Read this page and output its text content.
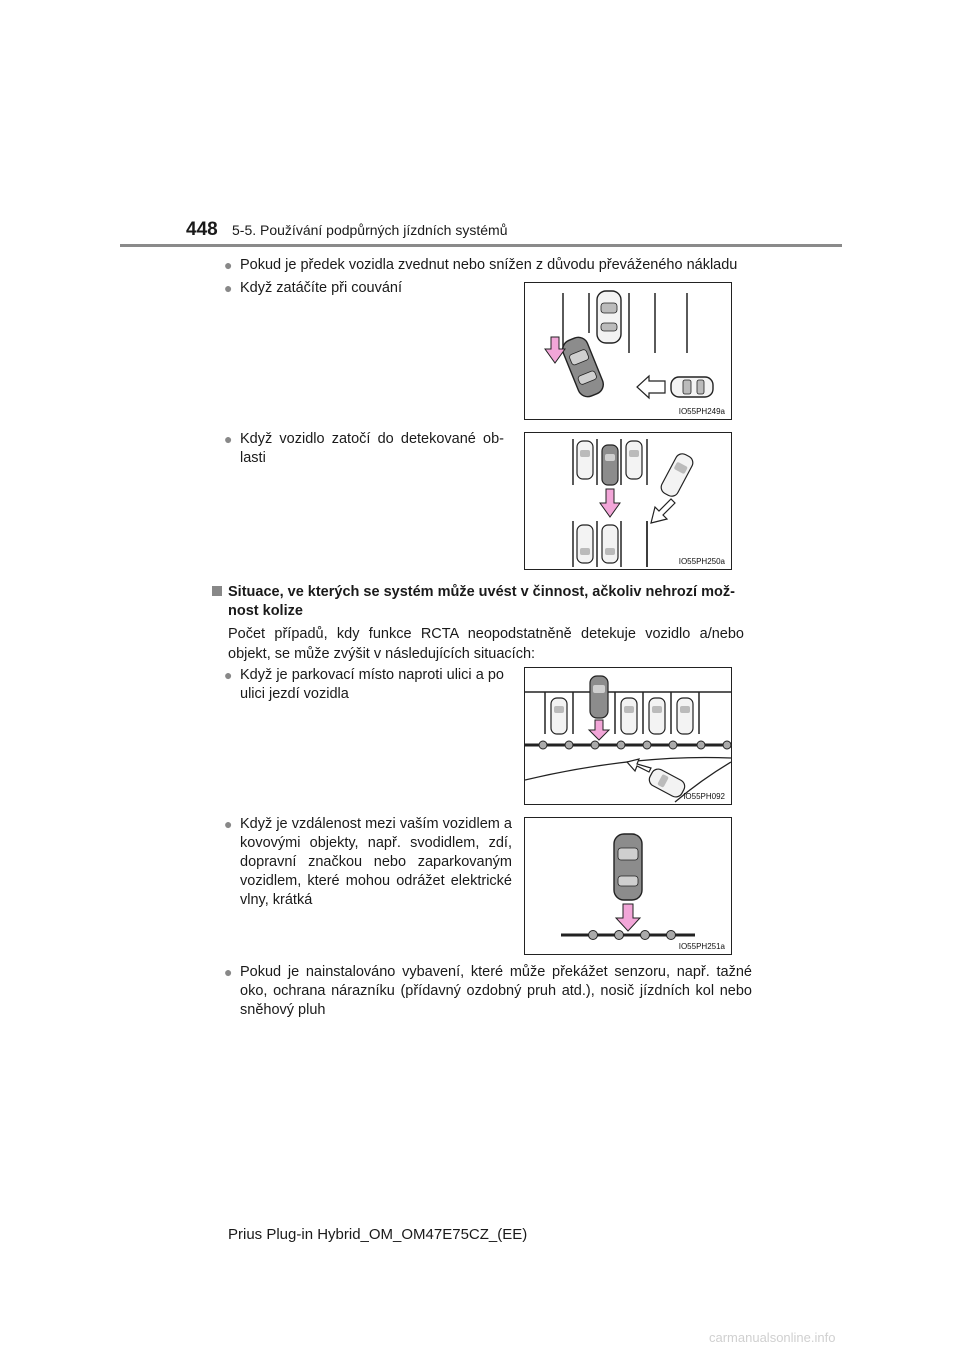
448 5-5. Používání podpůrných jízdních systémů
● Pokud je předek vozidla zvednut nebo snížen z důvodu převáženého nákladu
● Když zatáčíte při couvání
IO55PH249a
● Když vozidlo zatočí do detekované ob-lasti
IO55PH250a
Situace, ve kterých se systém může uvést v činnost, ačkoliv nehrozí mož-nost kolize
Počet případů, kdy funkce RCTA neopodstatněně detekuje vozidlo a/nebo objekt, se může zvýšit v následujících situacích:
● Když je parkovací místo naproti ulici a po ulici jezdí vozidla
IO55PH092
● Když je vzdálenost mezi vaším vozidlem a kovovými objekty, např. svodidlem, zdí, dopravní značkou nebo zaparkovaným vozidlem, které mohou odrážet elektrické vlny, krátká
IO55PH251a
● Pokud je nainstalováno vybavení, které může překážet senzoru, např. tažné oko, ochrana nárazníku (přídavný ozdobný pruh atd.), nosič jízdních kol nebo sněhový pluh
Prius Plug-in Hybrid_OM_OM47E75CZ_(EE)
carmanualsonline.info
